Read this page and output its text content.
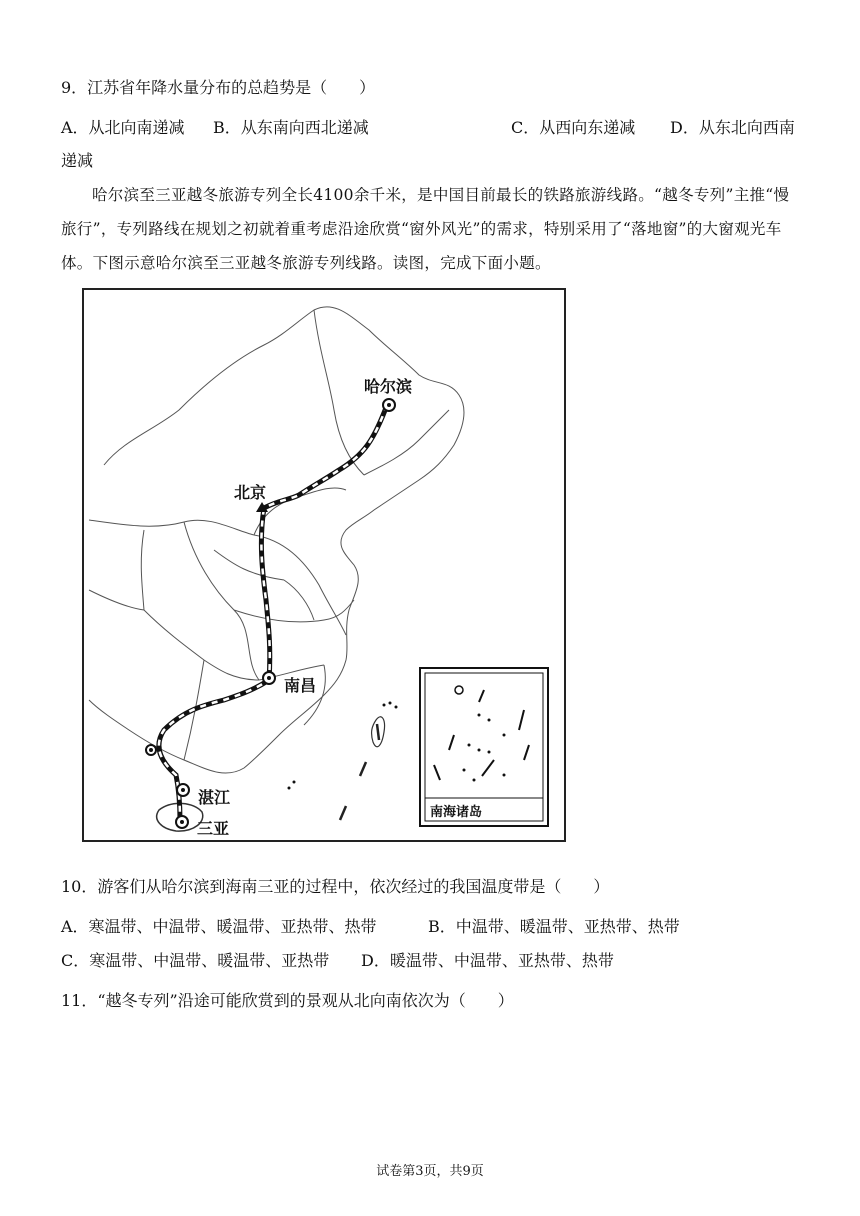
9．江苏省年降水量分布的总趋势是（　　）
A．从北向南递减 B．从东南向西北递减	C．从西向东递减 D．从东北向西南
递减
哈尔滨至三亚越冬旅游专列全长4100余千米，是中国目前最长的铁路旅游线路。“越冬专列”主推“慢旅行”，专列路线在规划之初就着重考虑沿途欣赏“窗外风光”的需求，特别采用了“落地窗”的大窗观光车体。下图示意哈尔滨至三亚越冬旅游专列线路。读图，完成下面小题。
哈尔滨
北京
南昌
湛江
三亚
南海诸岛
10．游客们从哈尔滨到海南三亚的过程中，依次经过的我国温度带是（　　）
A．寒温带、中温带、暖温带、亚热带、热带	B．中温带、暖温带、亚热带、热带
C．寒温带、中温带、暖温带、亚热带 D．暖温带、中温带、亚热带、热带
11．“越冬专列”沿途可能欣赏到的景观从北向南依次为（　　）
试卷第3页，共9页
